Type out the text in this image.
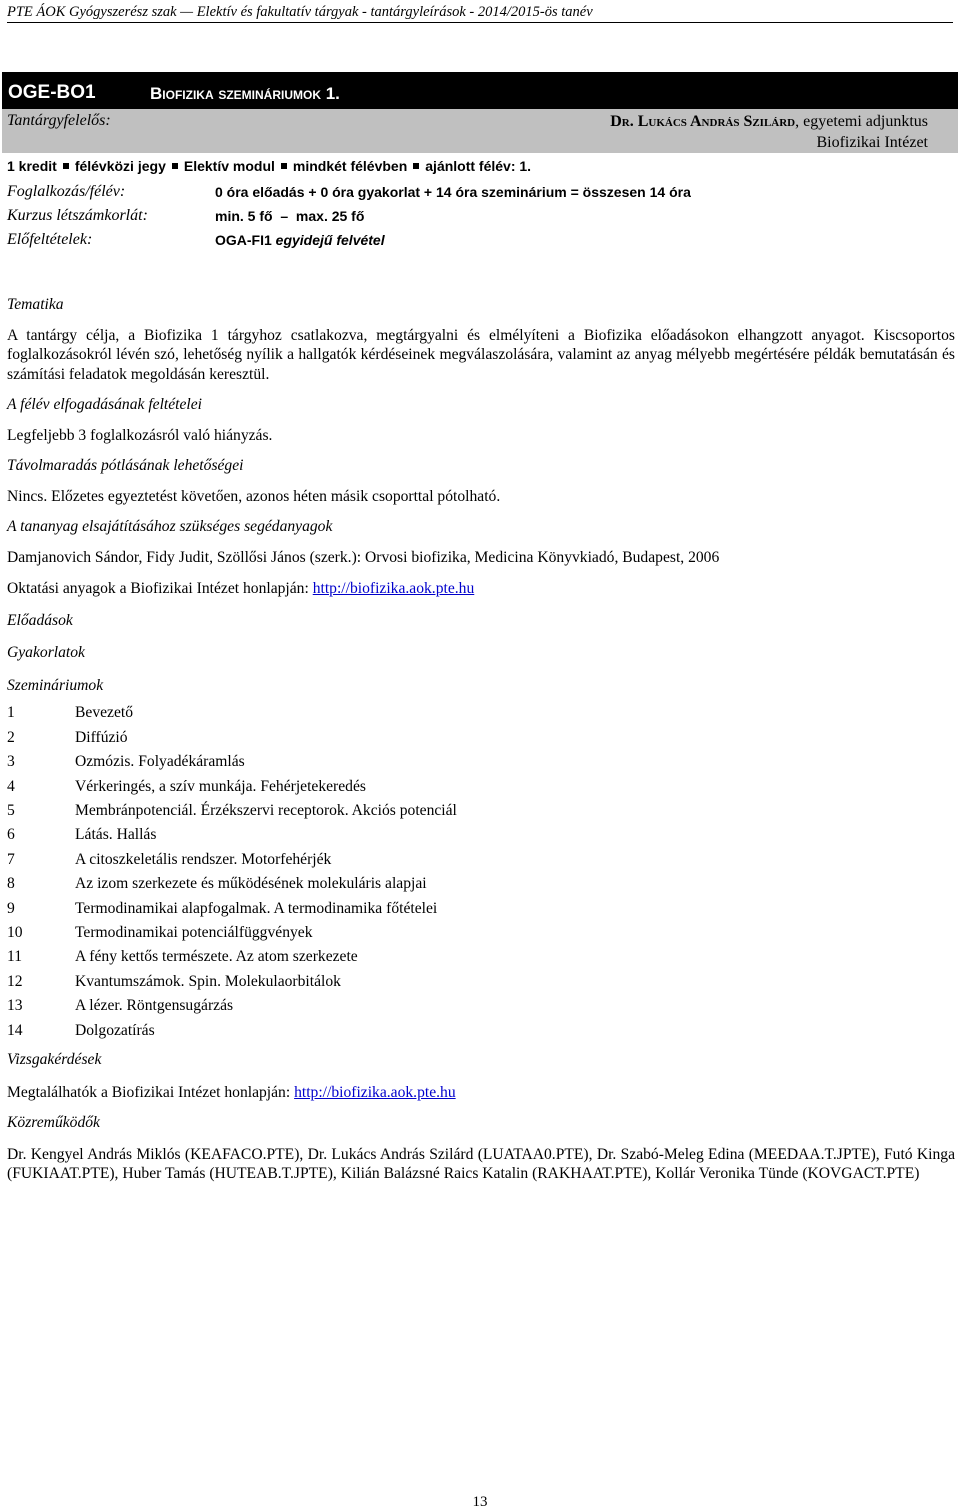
PTE ÁOK Gyógyszerész szak — Elektív és fakultatív tárgyak - tantárgyleírások - 2014/2015-ös tanév
OGE-BO1	Biofizika szemináriumok 1.
Tantárgyfelelős:	Dr. Lukács András Szilárd, egyetemi adjunktus
Biofizikai Intézet
1 kredit félévközi jegy Elektív modul mindkét félévben ajánlott félév: 1.
Foglalkozás/félév:	0 óra előadás + 0 óra gyakorlat + 14 óra szeminárium = összesen 14 óra
Kurzus létszámkorlát:	min. 5 fő – max. 25 fő
Előfeltételek:	OGA-FI1 egyidejű felvétel

Tematika

A tantárgy célja, a Biofizika 1 tárgyhoz csatlakozva, megtárgyalni és elmélyíteni a Biofizika előadásokon elhangzott anyagot. Kiscsoportos foglalkozásokról lévén szó, lehetőség nyílik a hallgatók kérdéseinek megválaszolására, valamint az anyag mélyebb megértésére példák bemutatásán és számítási feladatok megoldásán keresztül.

A félév elfogadásának feltételei

Legfeljebb 3 foglalkozásról való hiányzás.

Távolmaradás pótlásának lehetőségei

Nincs. Előzetes egyeztetést követően, azonos héten másik csoporttal pótolható.

A tananyag elsajátításához szükséges segédanyagok

Damjanovich Sándor, Fidy Judit, Szöllősi János (szerk.): Orvosi biofizika, Medicina Könyvkiadó, Budapest, 2006

Oktatási anyagok a Biofizikai Intézet honlapján: http://biofizika.aok.pte.hu

Előadások

Gyakorlatok

Szemináriumok

1	Bevezető
2	Diffúzió
3	Ozmózis. Folyadékáramlás
4	Vérkeringés, a szív munkája. Fehérjetekeredés
5	Membránpotenciál. Érzékszervi receptorok. Akciós potenciál
6	Látás. Hallás
7	A citoszkeletális rendszer. Motorfehérjék
8	Az izom szerkezete és működésének molekuláris alapjai
9	Termodinamikai alapfogalmak. A termodinamika főtételei
10	Termodinamikai potenciálfüggvények
11	A fény kettős természete. Az atom szerkezete
12	Kvantumszámok. Spin. Molekulaorbitálok
13	A lézer. Röntgensugárzás
14	Dolgozatírás

Vizsgakérdések

Megtalálhatók a Biofizikai Intézet honlapján: http://biofizika.aok.pte.hu

Közreműködők

Dr. Kengyel András Miklós (KEAFACO.PTE), Dr. Lukács András Szilárd (LUATAA0.PTE), Dr. Szabó-Meleg Edina (MEEDAA.T.JPTE), Futó Kinga (FUKIAAT.PTE), Huber Tamás (HUTEAB.T.JPTE), Kilián Balázsné Raics Katalin (RAKHAAT.PTE), Kollár Veronika Tünde (KOVGACT.PTE)

13
